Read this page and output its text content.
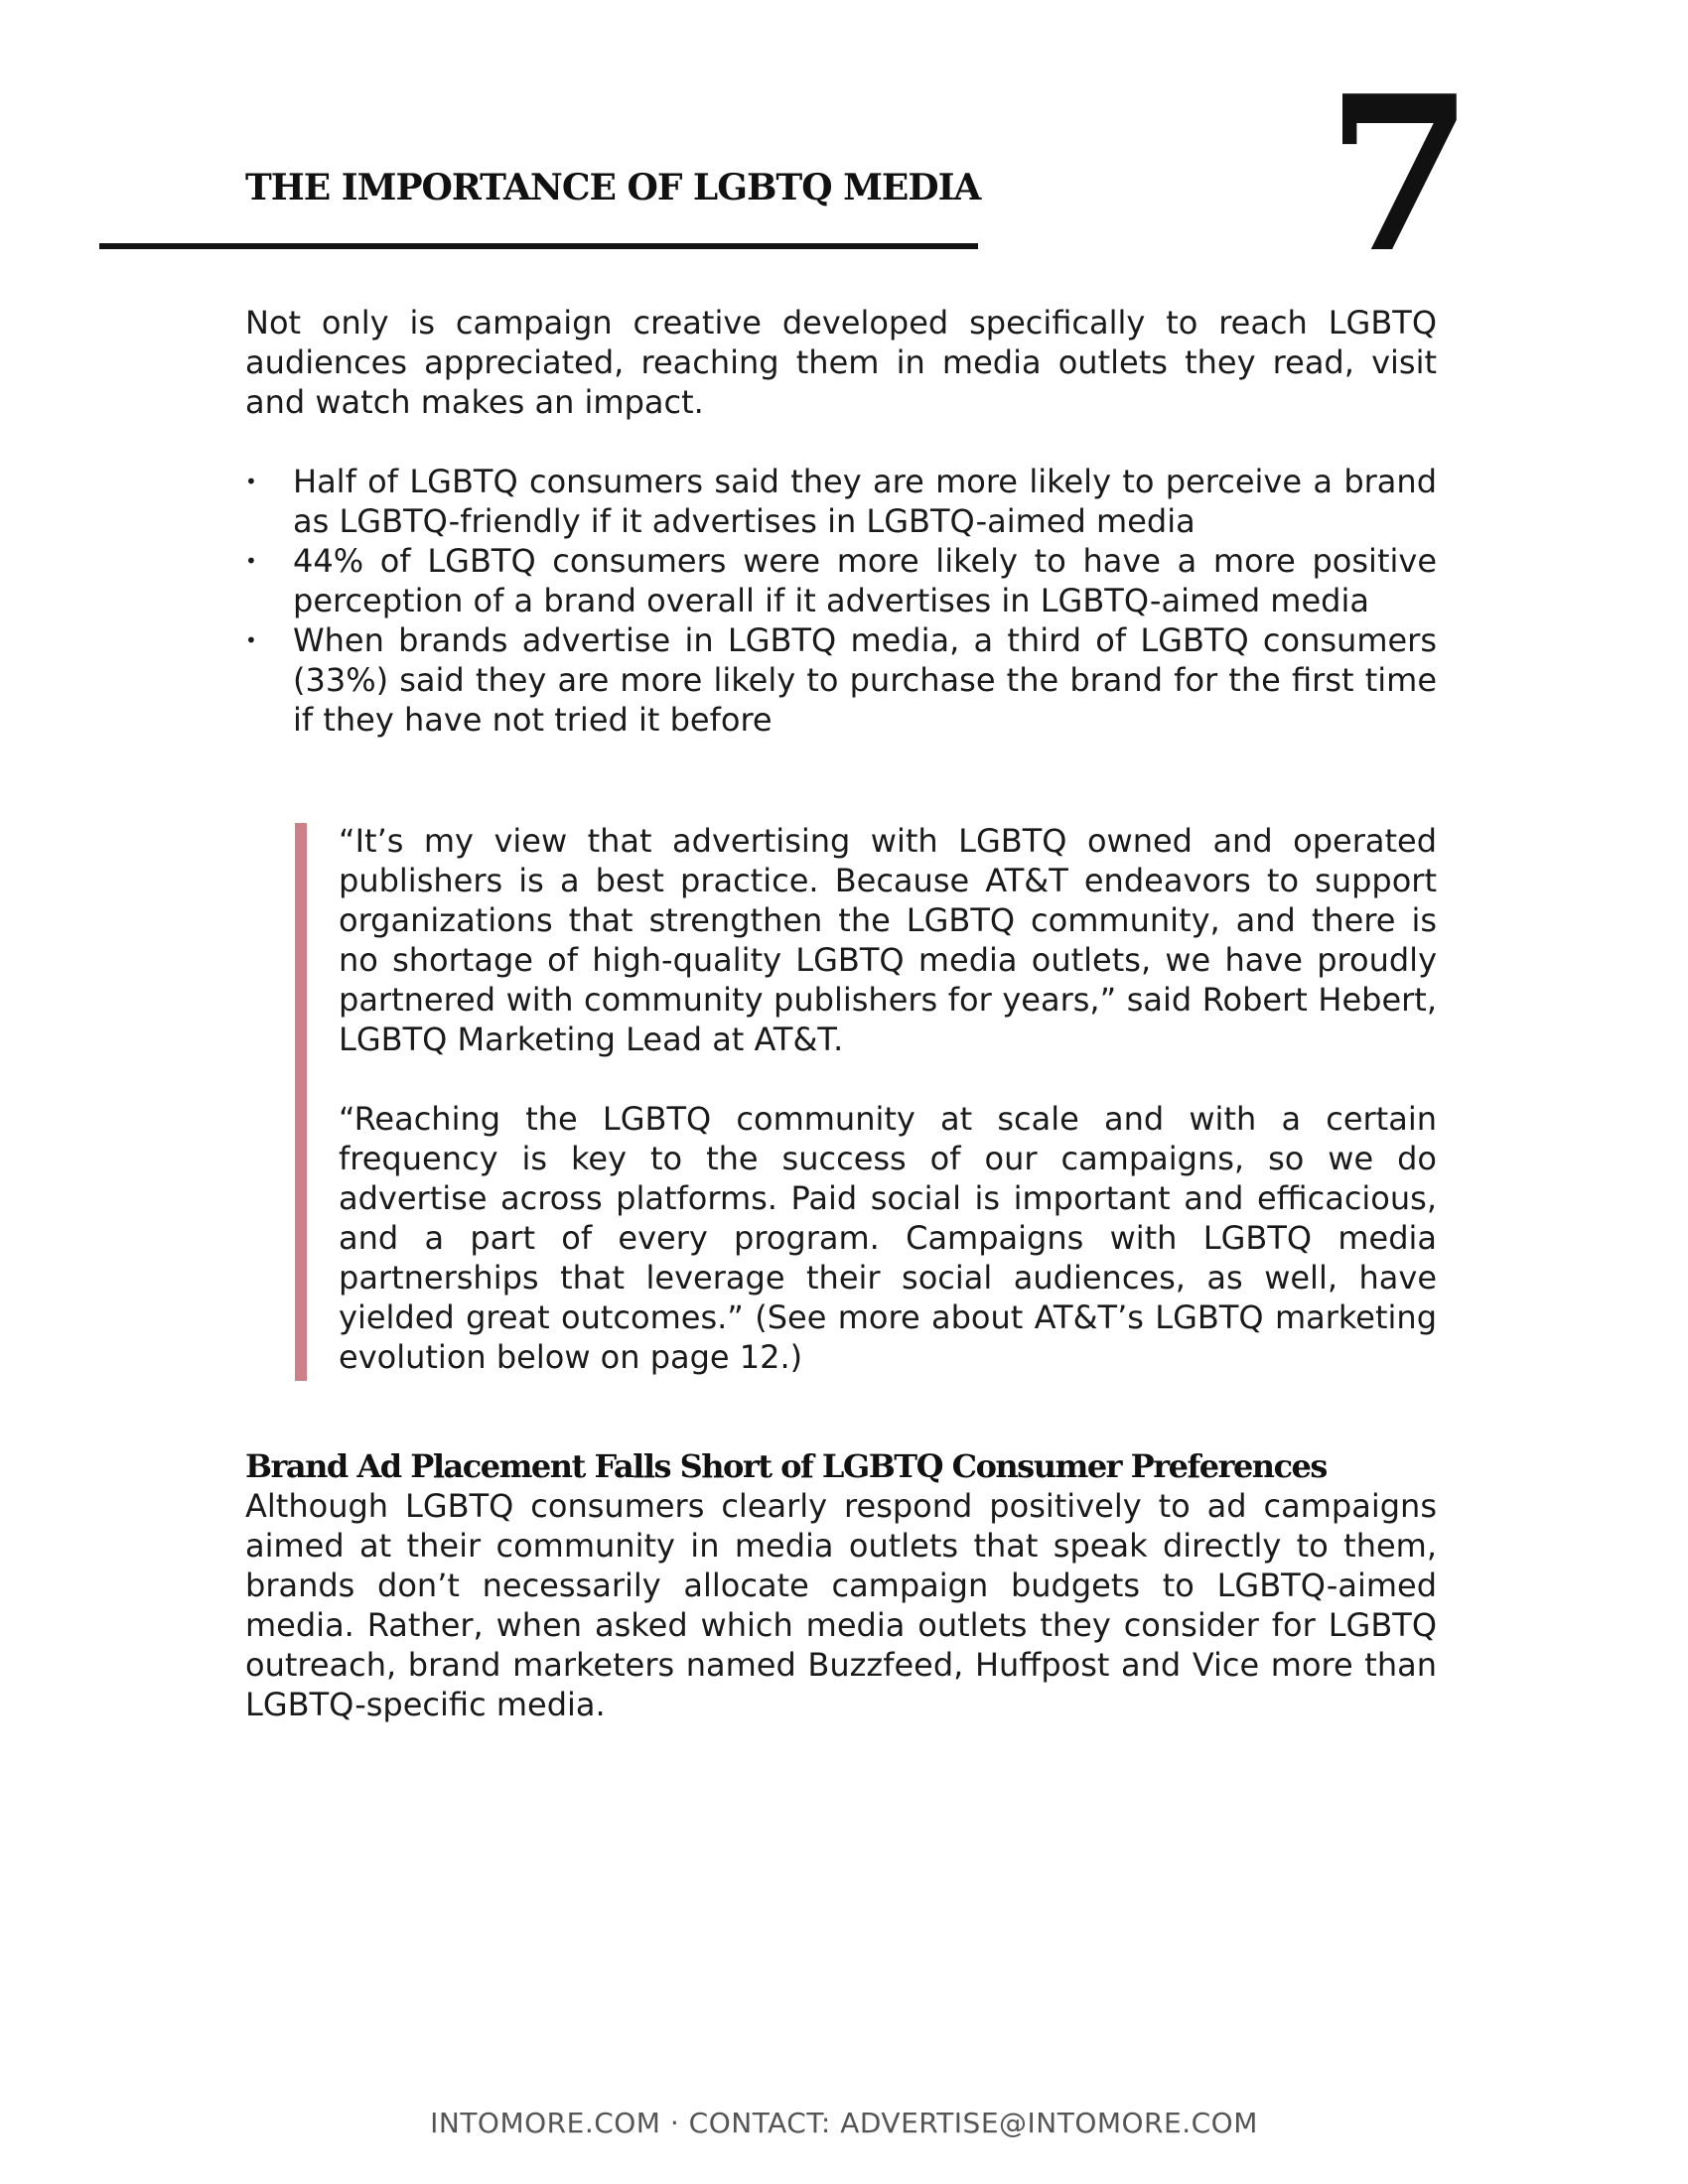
THE IMPORTANCE OF LGBTQ MEDIA 7

Not only is campaign creative developed specifically to reach LGBTQ audiences appreciated, reaching them in media outlets they read, visit and watch makes an impact.

• Half of LGBTQ consumers said they are more likely to perceive a brand as LGBTQ-friendly if it advertises in LGBTQ-aimed media
• 44% of LGBTQ consumers were more likely to have a more positive perception of a brand overall if it advertises in LGBTQ-aimed media
• When brands advertise in LGBTQ media, a third of LGBTQ consumers (33%) said they are more likely to purchase the brand for the first time if they have not tried it before

“It’s my view that advertising with LGBTQ owned and operated publishers is a best practice. Because AT&T endeavors to support organizations that strengthen the LGBTQ community, and there is no shortage of high-quality LGBTQ media outlets, we have proudly partnered with community publishers for years,” said Robert Hebert, LGBTQ Marketing Lead at AT&T.

“Reaching the LGBTQ community at scale and with a certain frequency is key to the success of our campaigns, so we do advertise across platforms. Paid social is important and efficacious, and a part of every program. Campaigns with LGBTQ media partnerships that leverage their social audiences, as well, have yielded great outcomes.” (See more about AT&T’s LGBTQ marketing evolution below on page 12.)

Brand Ad Placement Falls Short of LGBTQ Consumer Preferences

Although LGBTQ consumers clearly respond positively to ad campaigns aimed at their community in media outlets that speak directly to them, brands don’t necessarily allocate campaign budgets to LGBTQ-aimed media. Rather, when asked which media outlets they consider for LGBTQ outreach, brand marketers named Buzzfeed, Huffpost and Vice more than LGBTQ-specific media.

INTOMORE.COM · CONTACT: ADVERTISE@INTOMORE.COM
